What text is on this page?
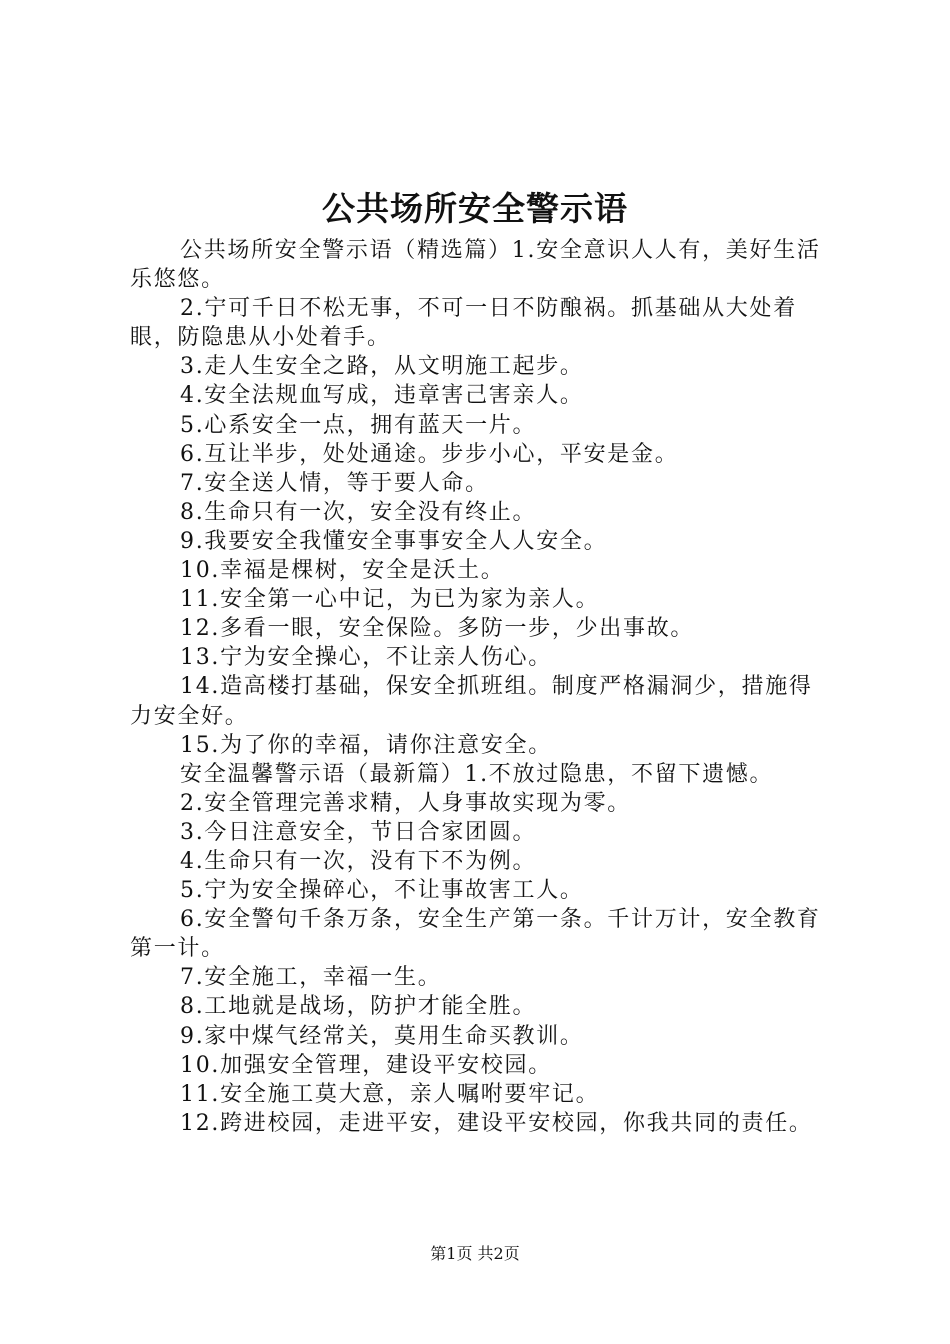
公共场所安全警示语

公共场所安全警示语（精选篇）1.安全意识人人有，美好生活乐悠悠。

2.宁可千日不松无事，不可一日不防酿祸。抓基础从大处着眼，防隐患从小处着手。

3.走人生安全之路，从文明施工起步。

4.安全法规血写成，违章害己害亲人。

5.心系安全一点，拥有蓝天一片。

6.互让半步，处处通途。步步小心，平安是金。

7.安全送人情，等于要人命。

8.生命只有一次，安全没有终止。

9.我要安全我懂安全事事安全人人安全。

10.幸福是棵树，安全是沃土。

11.安全第一心中记，为已为家为亲人。

12.多看一眼，安全保险。多防一步，少出事故。

13.宁为安全操心，不让亲人伤心。

14.造高楼打基础，保安全抓班组。制度严格漏洞少，措施得力安全好。

15.为了你的幸福，请你注意安全。

安全温馨警示语（最新篇）1.不放过隐患，不留下遗憾。

2.安全管理完善求精，人身事故实现为零。

3.今日注意安全，节日合家团圆。

4.生命只有一次，没有下不为例。

5.宁为安全操碎心，不让事故害工人。

6.安全警句千条万条，安全生产第一条。千计万计，安全教育第一计。

7.安全施工，幸福一生。

8.工地就是战场，防护才能全胜。

9.家中煤气经常关，莫用生命买教训。

10.加强安全管理，建设平安校园。

11.安全施工莫大意，亲人嘱咐要牢记。

12.跨进校园，走进平安，建设平安校园，你我共同的责任。

第1页 共2页
